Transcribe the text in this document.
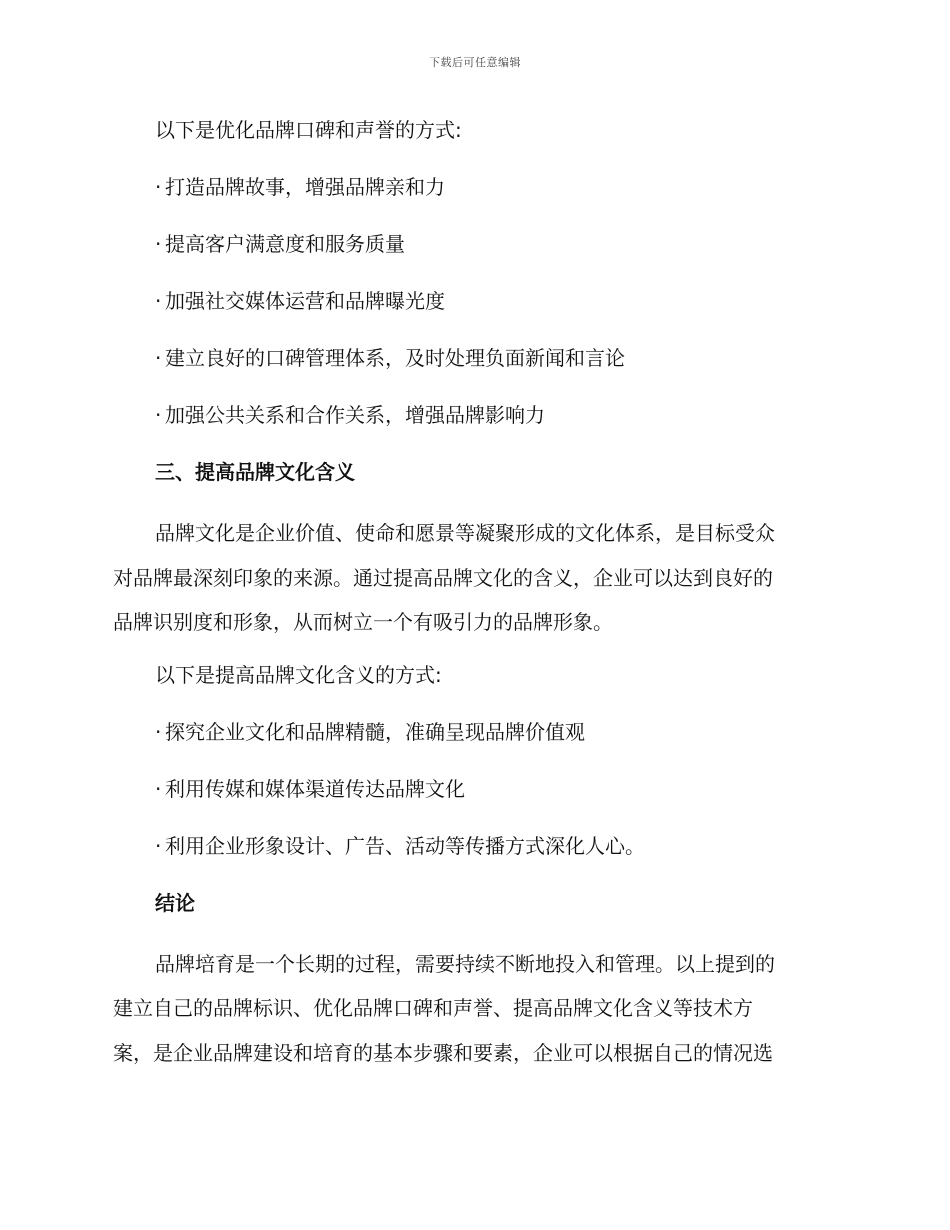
下载后可任意编辑
以下是优化品牌口碑和声誉的方式:
· 打造品牌故事，增强品牌亲和力
· 提高客户满意度和服务质量
· 加强社交媒体运营和品牌曝光度
· 建立良好的口碑管理体系，及时处理负面新闻和言论
· 加强公共关系和合作关系，增强品牌影响力
三、提高品牌文化含义

品牌文化是企业价值、使命和愿景等凝聚形成的文化体系，是目标受众

对品牌最深刻印象的来源。通过提高品牌文化的含义，企业可以达到良好的

品牌识别度和形象，从而树立一个有吸引力的品牌形象。

以下是提高品牌文化含义的方式:
· 探究企业文化和品牌精髓，准确呈现品牌价值观
· 利用传媒和媒体渠道传达品牌文化
· 利用企业形象设计、广告、活动等传播方式深化人心。
结论

品牌培育是一个长期的过程，需要持续不断地投入和管理。以上提到的

建立自己的品牌标识、优化品牌口碑和声誉、提高品牌文化含义等技术方

案，是企业品牌建设和培育的基本步骤和要素，企业可以根据自己的情况选
